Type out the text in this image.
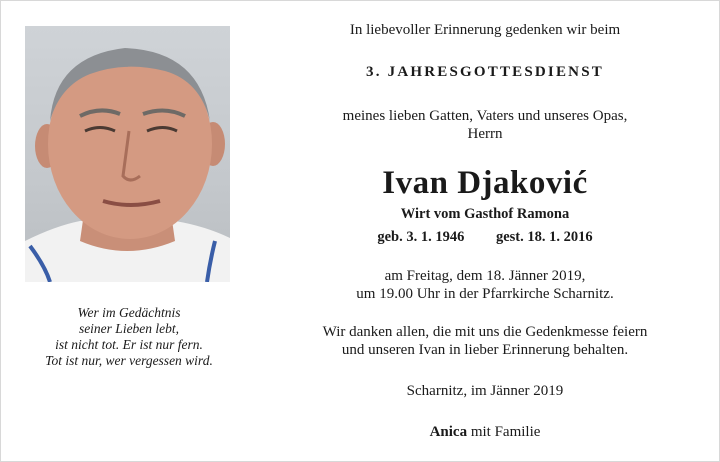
Wer im Gedächtnis
seiner Lieben lebt,
ist nicht tot. Er ist nur fern.
Tot ist nur, wer vergessen wird.
In liebevoller Erinnerung gedenken wir beim
3. JAHRESGOTTESDIENST
meines lieben Gatten, Vaters und unseres Opas,
Herrn
Ivan Djaković
Wirt vom Gasthof Ramona
geb. 3. 1. 1946 gest. 18. 1. 2016
am Freitag, dem 18. Jänner 2019,
um 19.00 Uhr in der Pfarrkirche Scharnitz.
Wir danken allen, die mit uns die Gedenkmesse feiern
und unseren Ivan in lieber Erinnerung behalten.
Scharnitz, im Jänner 2019
Anica mit Familie
